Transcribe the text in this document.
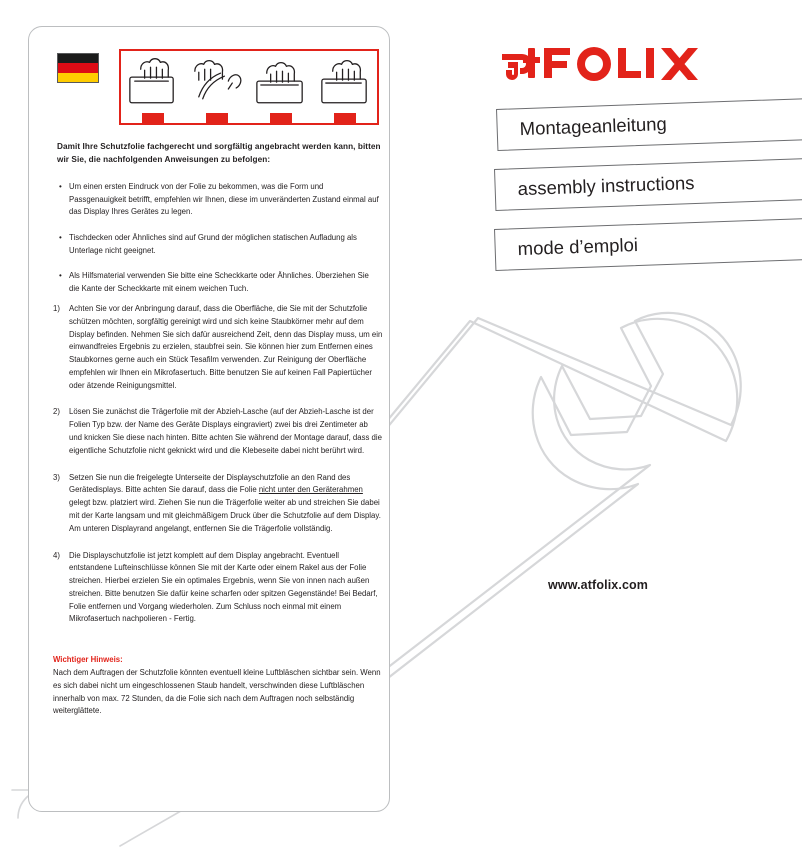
1.
Damit Ihre Schutzfolie fachgerecht und sorgfältig angebracht werden kann, bitten wir Sie, die nachfolgenden Anweisungen zu befolgen:
• Um einen ersten Eindruck von der Folie zu bekommen, was die Form und Passgenauigkeit betrifft, empfehlen wir Ihnen, diese im unveränderten Zustand einmal auf das Display Ihres Gerätes zu legen.
• Tischdecken oder Ähnliches sind auf Grund der möglichen statischen Aufladung als Unterlage nicht geeignet.
• Als Hilfsmaterial verwenden Sie bitte eine Scheckkarte oder Ähnliches. Überziehen Sie die Kante der Scheckkarte mit einem weichen Tuch.
1) Achten Sie vor der Anbringung darauf, dass die Oberfläche, die Sie mit der Schutzfolie schützen möchten, sorgfältig gereinigt wird und sich keine Staubkörner mehr auf dem Display befinden. Nehmen Sie sich dafür ausreichend Zeit, denn das Display muss, um ein einwandfreies Ergebnis zu erzielen, staubfrei sein. Sie können hier zum Entfernen eines Staubkornes gerne auch ein Stück Tesafilm verwenden. Zur Reinigung der Oberfläche empfehlen wir Ihnen ein Mikrofasertuch. Bitte benutzen Sie auf keinen Fall Papiertücher oder ätzende Reinigungsmittel.
2) Lösen Sie zunächst die Trägerfolie mit der Abzieh-Lasche (auf der Abzieh-Lasche ist der Folien Typ bzw. der Name des Geräte Displays eingraviert) zwei bis drei Zentimeter ab und knicken Sie diese nach hinten. Bitte achten Sie während der Montage darauf, dass die eigentliche Schutzfolie nicht geknickt wird und die Klebeseite dabei nicht berührt wird.
3) Setzen Sie nun die freigelegte Unterseite der Displayschutzfolie an den Rand des Gerätedisplays. Bitte achten Sie darauf, dass die Folie nicht unter den Geräterahmen gelegt bzw. platziert wird. Ziehen Sie nun die Trägerfolie weiter ab und streichen Sie dabei mit der Karte langsam und mit gleichmäßigem Druck über die Schutzfolie auf dem Display. Am unteren Displayrand angelangt, entfernen Sie die Trägerfolie vollständig.
4) Die Displayschutzfolie ist jetzt komplett auf dem Display angebracht. Eventuell entstandene Lufteinschlüsse können Sie mit der Karte oder einem Rakel aus der Folie streichen. Hierbei erzielen Sie ein optimales Ergebnis, wenn Sie von innen nach außen streichen. Bitte benutzen Sie dafür keine scharfen oder spitzen Gegenstände! Bei Bedarf, Folie entfernen und Vorgang wiederholen. Zum Schluss noch einmal mit einem Mikrofasertuch nachpolieren - Fertig.
Wichtiger Hinweis:
Nach dem Auftragen der Schutzfolie könnten eventuell kleine Luftbläschen sichtbar sein. Wenn es sich dabei nicht um eingeschlossenen Staub handelt, verschwinden diese Luftbläschen innerhalb von max. 72 Stunden, da die Folie sich nach dem Auftragen noch selbständig weiterglättete.
Montageanleitung
assembly instructions
mode d’emploi
www.atfolix.com
